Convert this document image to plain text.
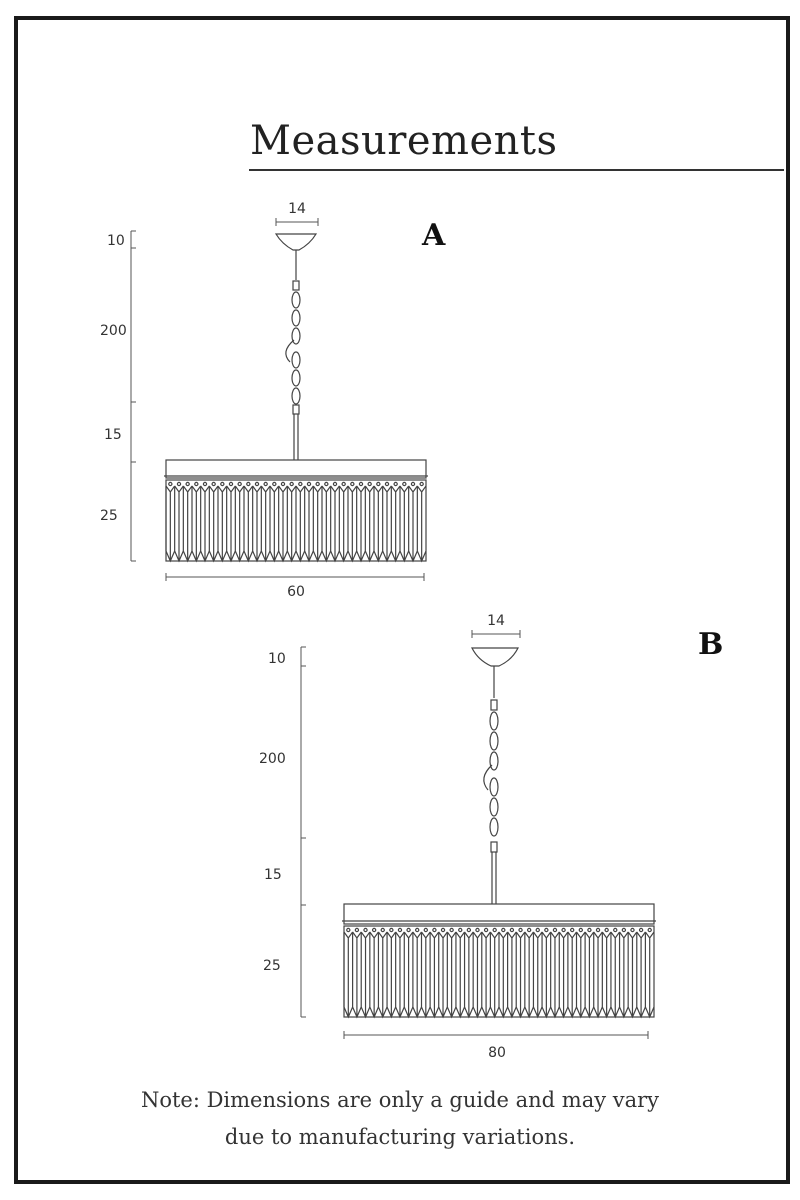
Measurements
14
10
200
15
25
60
A
14
10
200
15
25
80
B
Note: Dimensions are only a guide and may vary
due to manufacturing variations.
